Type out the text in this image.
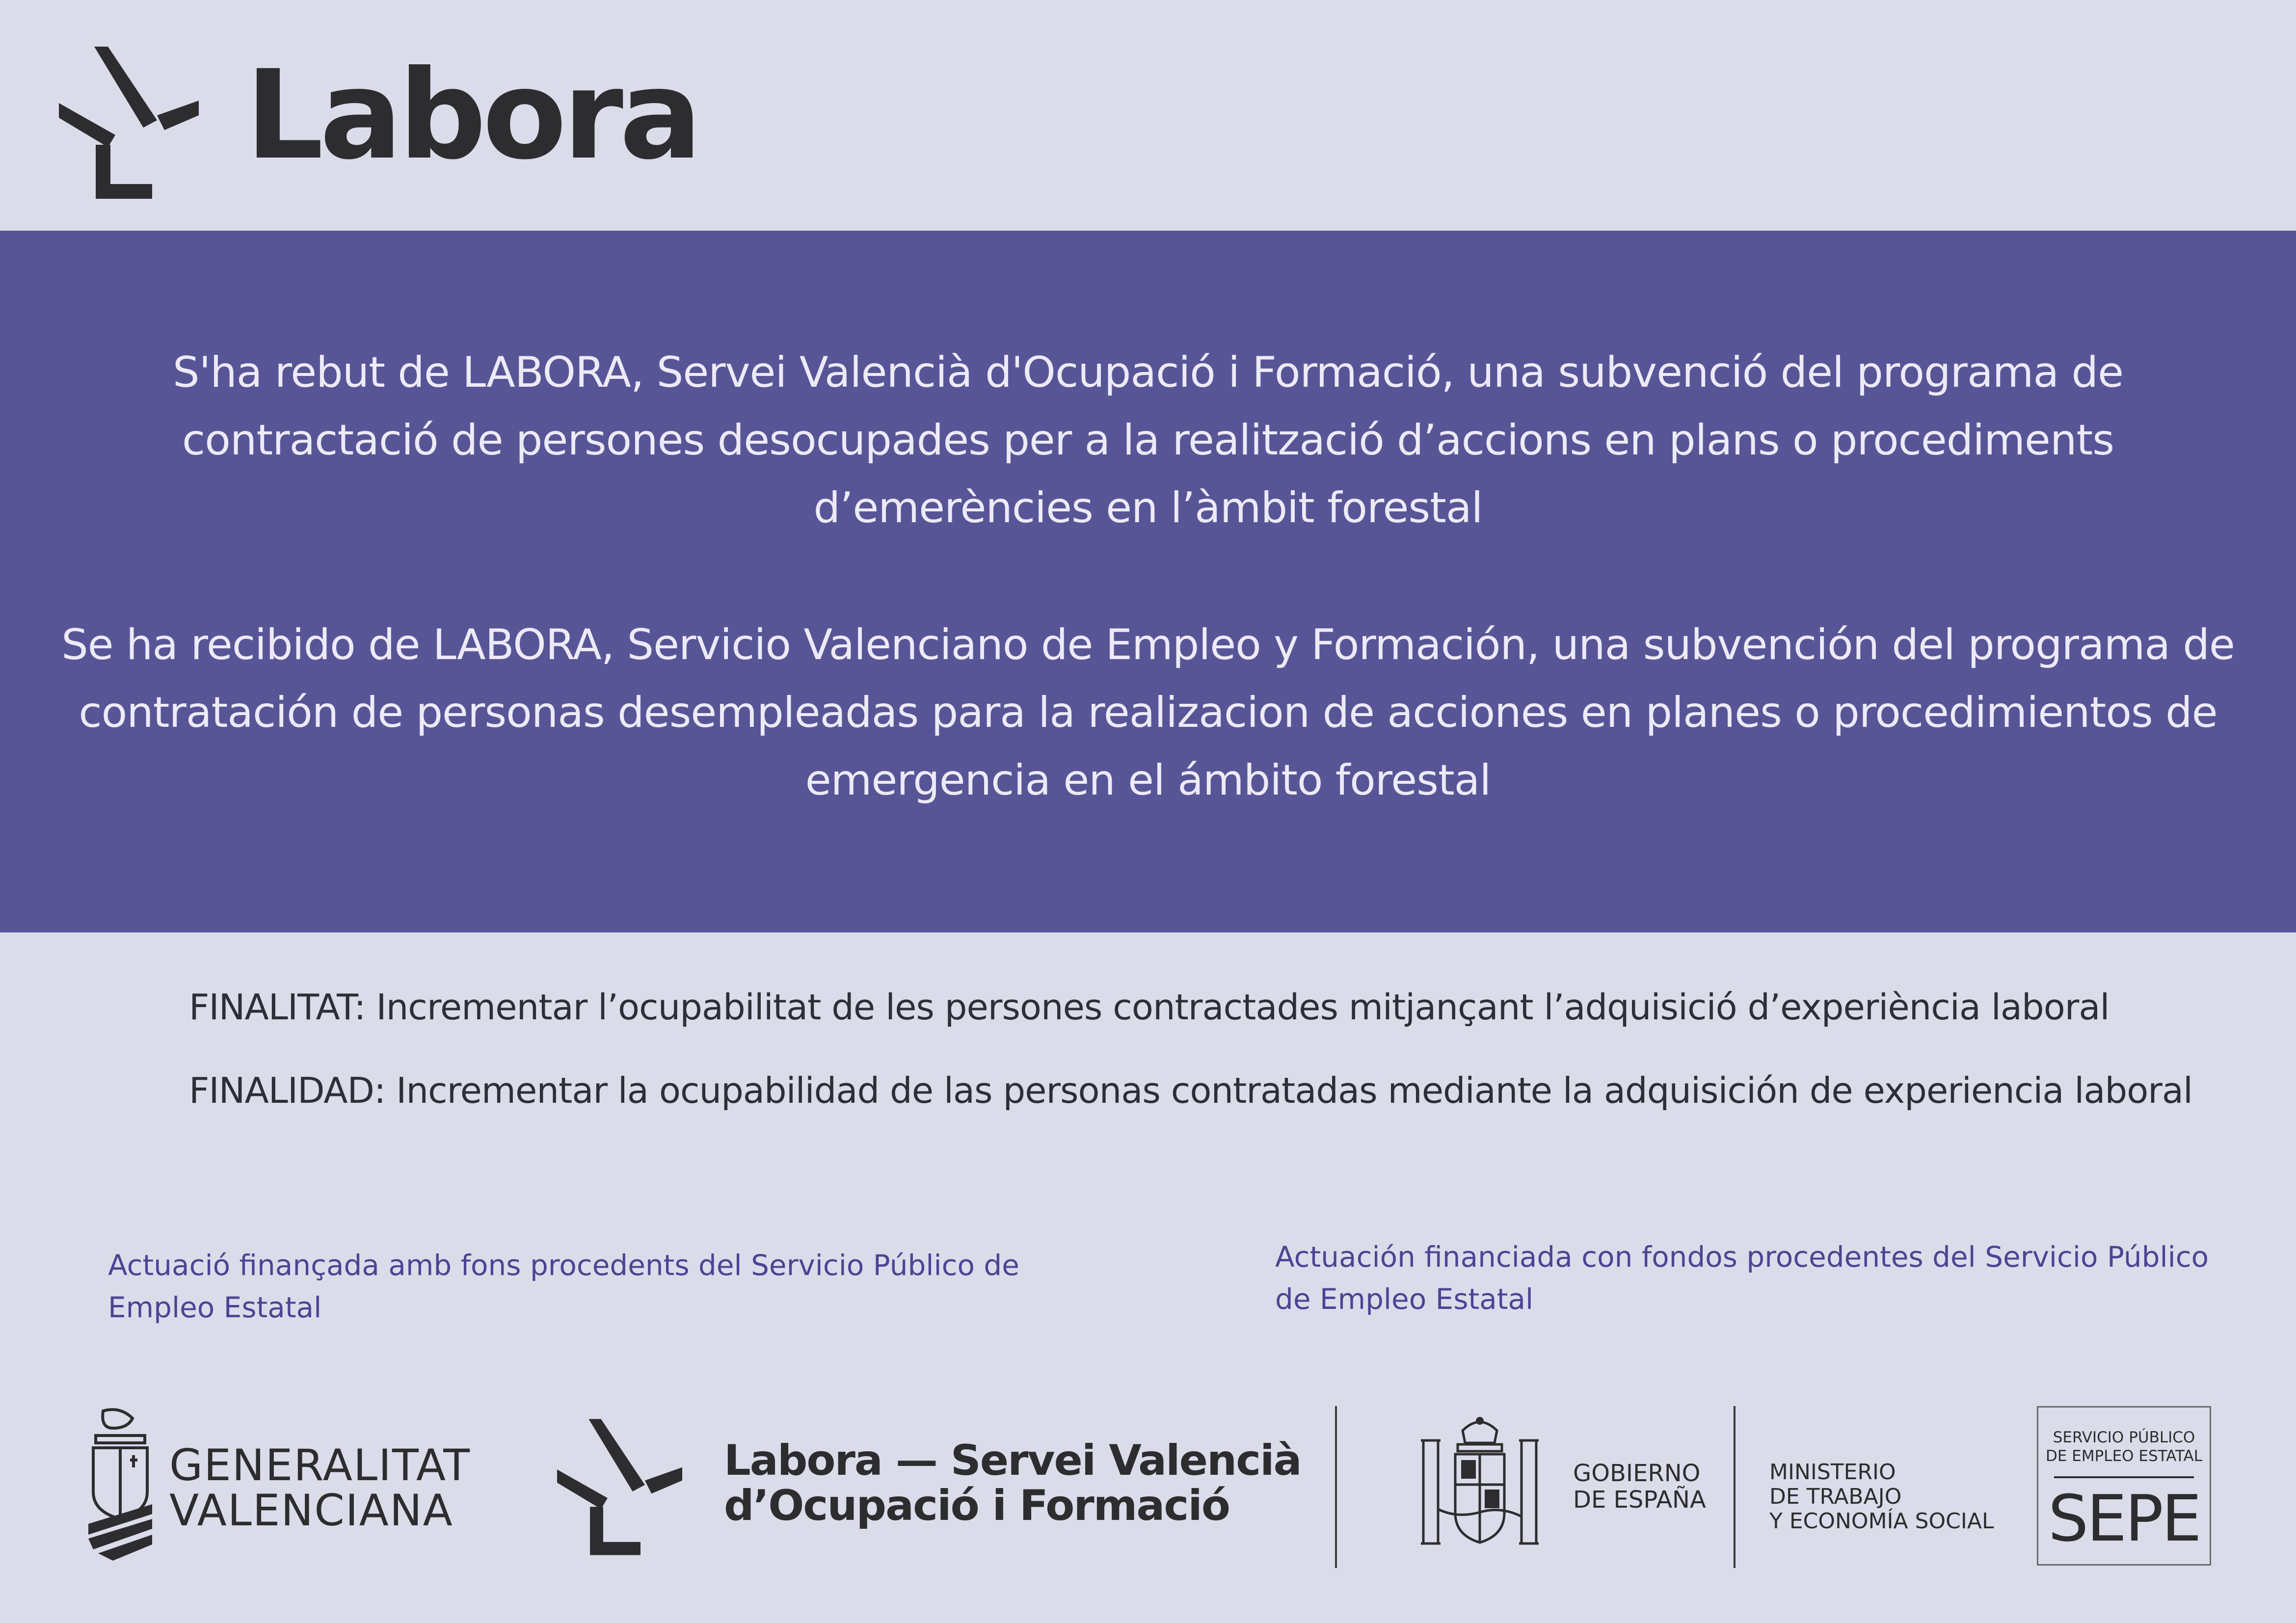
Labora

S'ha rebut de LABORA, Servei Valencià d'Ocupació i Formació, una subvenció del programa de contractació de persones desocupades per a la realització d’accions en plans o procediments d’emerències en l’àmbit forestal

Se ha recibido de LABORA, Servicio Valenciano de Empleo y Formación, una subvención del programa de contratación de personas desempleadas para la realizacion de acciones en planes o procedimientos de emergencia en el ámbito forestal

FINALITAT: Incrementar l’ocupabilitat de les persones contractades mitjançant l’adquisició d’experiència laboral

FINALIDAD: Incrementar la ocupabilidad de las personas contratadas mediante la adquisición de experiencia laboral

Actuació finançada amb fons procedents del Servicio Público de Empleo Estatal
Actuación financiada con fondos procedentes del Servicio Público de Empleo Estatal
GENERALITAT
VALENCIANA
Labora — Servei Valencià
d’Ocupació i Formació
GOBIERNO
DE ESPAÑA
MINISTERIO
DE TRABAJO
Y ECONOMÍA SOCIAL
SERVICIO PÚBLICO
DE EMPLEO ESTATAL
SEPE
